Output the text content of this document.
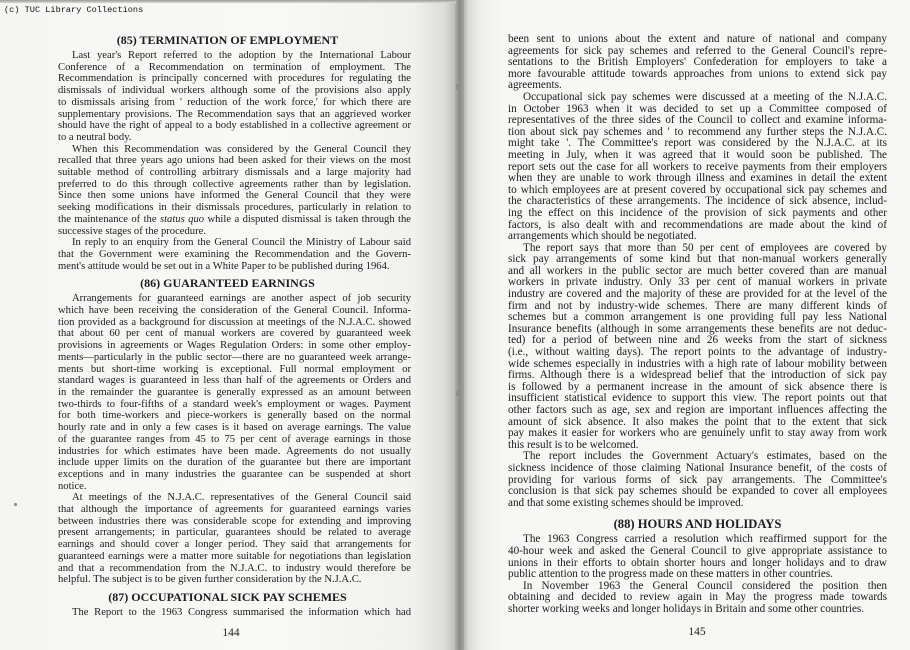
(c) TUC Library Collections
(85) TERMINATION OF EMPLOYMENT
Last year's Report referred to the adoption by the International Labour
Conference of a Recommendation on termination of employment. The
Recommendation is principally concerned with procedures for regulating the
dismissals of individual workers although some of the provisions also apply
to dismissals arising from ' reduction of the work force,' for which there are
supplementary provisions. The Recommendation says that an aggrieved worker
should have the right of appeal to a body established in a collective agreement or
to a neutral body.
When this Recommendation was considered by the General Council they
recalled that three years ago unions had been asked for their views on the most
suitable method of controlling arbitrary dismissals and a large majority had
preferred to do this through collective agreements rather than by legislation.
Since then some unions have informed the General Council that they were
seeking modifications in their dismissals procedures, particularly in relation to
the maintenance of the status quo while a disputed dismissal is taken through the
successive stages of the procedure.
In reply to an enquiry from the General Council the Ministry of Labour said
that the Government were examining the Recommendation and the Govern-
ment's attitude would be set out in a White Paper to be published during 1964.
(86) GUARANTEED EARNINGS
Arrangements for guaranteed earnings are another aspect of job security
which have been receiving the consideration of the General Council. Informa-
tion provided as a background for discussion at meetings of the N.J.A.C. showed
that about 60 per cent of manual workers are covered by guaranteed week
provisions in agreements or Wages Regulation Orders: in some other employ-
ments—particularly in the public sector—there are no guaranteed week arrange-
ments but short-time working is exceptional. Full normal employment or
standard wages is guaranteed in less than half of the agreements or Orders and
in the remainder the guarantee is generally expressed as an amount between
two-thirds to four-fifths of a standard week's employment or wages. Payment
for both time-workers and piece-workers is generally based on the normal
hourly rate and in only a few cases is it based on average earnings. The value
of the guarantee ranges from 45 to 75 per cent of average earnings in those
industries for which estimates have been made. Agreements do not usually
include upper limits on the duration of the guarantee but there are important
exceptions and in many industries the guarantee can be suspended at short
notice.
At meetings of the N.J.A.C. representatives of the General Council said
that although the importance of agreements for guaranteed earnings varies
between industries there was considerable scope for extending and improving
present arrangements; in particular, guarantees should be related to average
earnings and should cover a longer period. They said that arrangements for
guaranteed earnings were a matter more suitable for negotiations than legislation
and that a recommendation from the N.J.A.C. to industry would therefore be
helpful. The subject is to be given further consideration by the N.J.A.C.
(87) OCCUPATIONAL SICK PAY SCHEMES
The Report to the 1963 Congress summarised the information which had
been sent to unions about the extent and nature of national and company
agreements for sick pay schemes and referred to the General Council's repre-
sentations to the British Employers' Confederation for employers to take a
more favourable attitude towards approaches from unions to extend sick pay
agreements.
Occupational sick pay schemes were discussed at a meeting of the N.J.A.C.
in October 1963 when it was decided to set up a Committee composed of
representatives of the three sides of the Council to collect and examine informa-
tion about sick pay schemes and ' to recommend any further steps the N.J.A.C.
might take '. The Committee's report was considered by the N.J.A.C. at its
meeting in July, when it was agreed that it would soon be published. The
report sets out the case for all workers to receive payments from their employers
when they are unable to work through illness and examines in detail the extent
to which employees are at present covered by occupational sick pay schemes and
the characteristics of these arrangements. The incidence of sick absence, includ-
ing the effect on this incidence of the provision of sick payments and other
factors, is also dealt with and recommendations are made about the kind of
arrangements which should be negotiated.
The report says that more than 50 per cent of employees are covered by
sick pay arrangements of some kind but that non-manual workers generally
and all workers in the public sector are much better covered than are manual
workers in private industry. Only 33 per cent of manual workers in private
industry are covered and the majority of these are provided for at the level of the
firm and not by industry-wide schemes. There are many different kinds of
schemes but a common arrangement is one providing full pay less National
Insurance benefits (although in some arrangements these benefits are not deduc-
ted) for a period of between nine and 26 weeks from the start of sickness
(i.e., without waiting days). The report points to the advantage of industry-
wide schemes especially in industries with a high rate of labour mobility between
firms. Although there is a widespread belief that the introduction of sick pay
is followed by a permanent increase in the amount of sick absence there is
insufficient statistical evidence to support this view. The report points out that
other factors such as age, sex and region are important influences affecting the
amount of sick absence. It also makes the point that to the extent that sick
pay makes it easier for workers who are genuinely unfit to stay away from work
this result is to be welcomed.
The report includes the Government Actuary's estimates, based on the
sickness incidence of those claiming National Insurance benefit, of the costs of
providing for various forms of sick pay arrangements. The Committee's
conclusion is that sick pay schemes should be expanded to cover all employees
and that some existing schemes should be improved.
(88) HOURS AND HOLIDAYS
The 1963 Congress carried a resolution which reaffirmed support for the
40-hour week and asked the General Council to give appropriate assistance to
unions in their efforts to obtain shorter hours and longer holidays and to draw
public attention to the progress made on these matters in other countries.
In November 1963 the General Council considered the position then
obtaining and decided to review again in May the progress made towards
shorter working weeks and longer holidays in Britain and some other countries.
144	145
